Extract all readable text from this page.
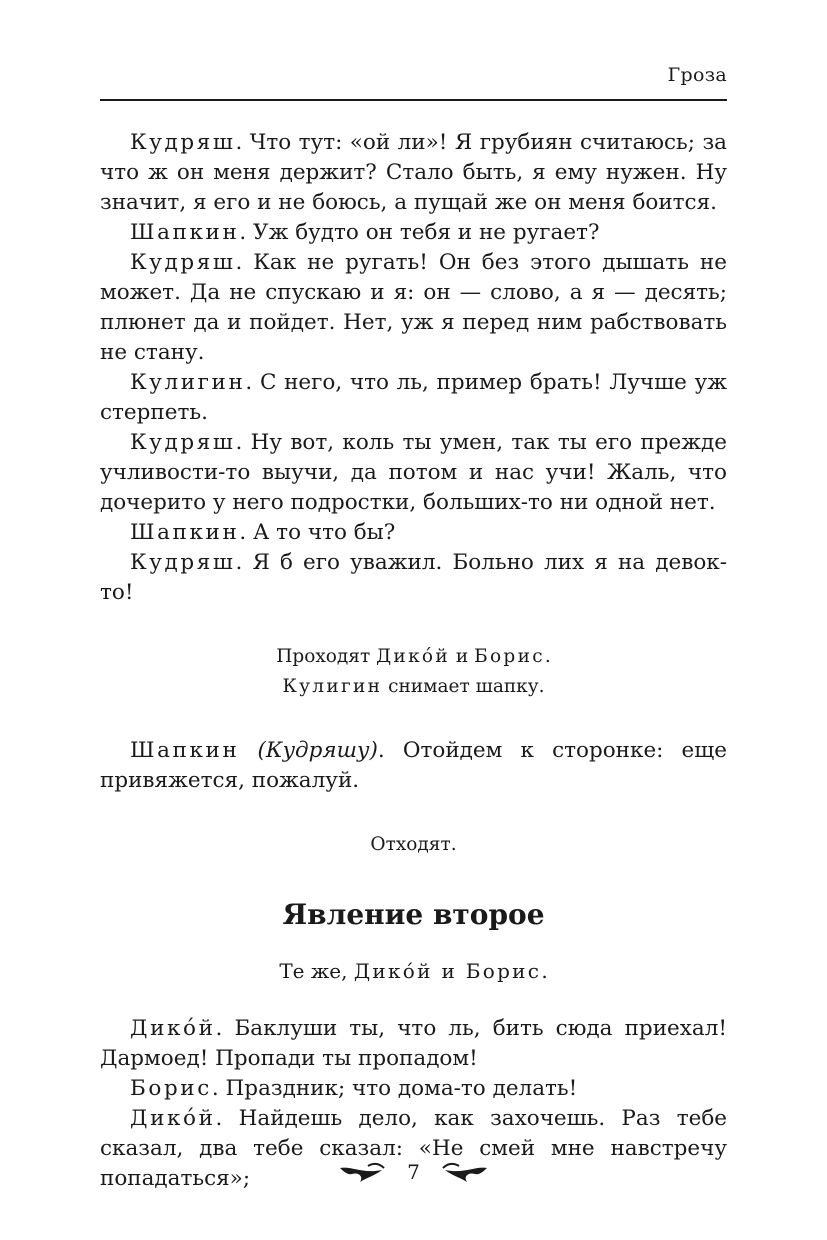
Гроза

Кудряш. Что тут: «ой ли»! Я грубиян считаюсь; за что ж он меня держит? Стало быть, я ему нужен. Ну значит, я его и не боюсь, а пущай же он меня боится.

Шапкин. Уж будто он тебя и не ругает?

Кудряш. Как не ругать! Он без этого дышать не может. Да не спускаю и я: он — слово, а я — десять; плюнет да и пойдет. Нет, уж я перед ним рабствовать не стану.

Кулигин. С него, что ль, пример брать! Лучше уж стерпеть.

Кудряш. Ну вот, коль ты умен, так ты его прежде учливости-то выучи, да потом и нас учи! Жаль, что дочерито у него подростки, больших-то ни одной нет.

Шапкин. А то что бы?

Кудряш. Я б его уважил. Больно лих я на девок-то!

Проходят Дико́й и Борис.

Кулигин снимает шапку.

Шапкин (Кудряшу). Отойдем к сторонке: еще привяжется, пожалуй.

Отходят.

Явление второе

Те же, Дико́й и Борис.

Дико́й. Баклуши ты, что ль, бить сюда приехал! Дармоед! Пропади ты пропадом!

Борис. Праздник; что дома-то делать!

Дико́й. Найдешь дело, как захочешь. Раз тебе сказал, два тебе сказал: «Не смей мне навстречу попадаться»;	7
